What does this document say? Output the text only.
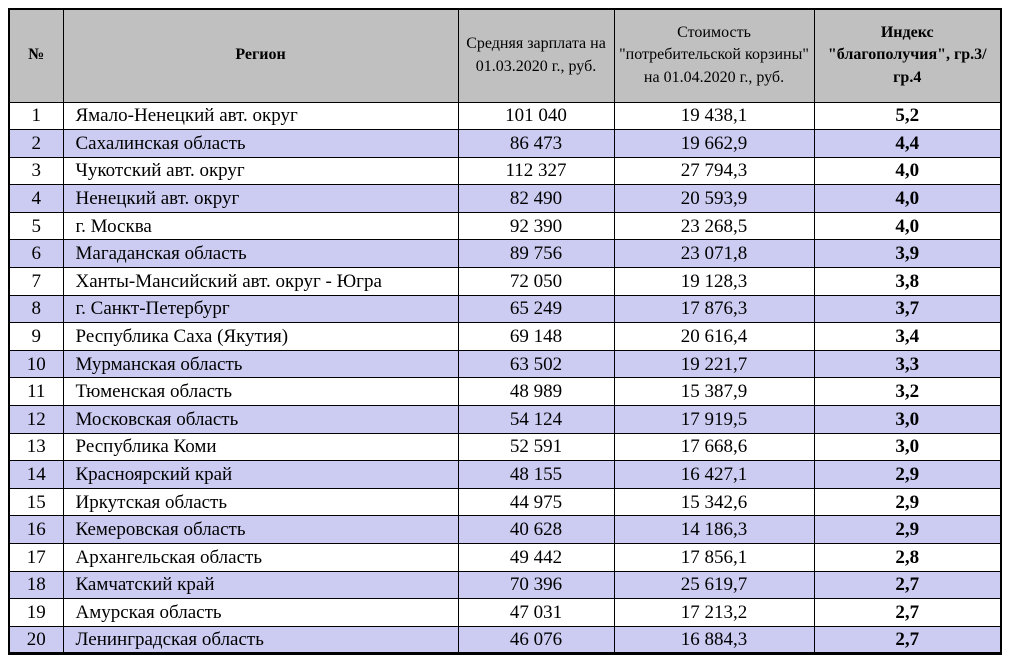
№	Регион	Средняя зарплата на 01.03.2020 г., руб.	Стоимость "потребительской корзины" на 01.04.2020 г., руб.	Индекс "благополучия", гр.3/гр.4
1	Ямало-Ненецкий авт. округ	101 040	19 438,1	5,2
2	Сахалинская область	86 473	19 662,9	4,4
3	Чукотский авт. округ	112 327	27 794,3	4,0
4	Ненецкий авт. округ	82 490	20 593,9	4,0
5	г. Москва	92 390	23 268,5	4,0
6	Магаданская область	89 756	23 071,8	3,9
7	Ханты-Мансийский авт. округ - Югра	72 050	19 128,3	3,8
8	г. Санкт-Петербург	65 249	17 876,3	3,7
9	Республика Саха (Якутия)	69 148	20 616,4	3,4
10	Мурманская область	63 502	19 221,7	3,3
11	Тюменская область	48 989	15 387,9	3,2
12	Московская область	54 124	17 919,5	3,0
13	Республика Коми	52 591	17 668,6	3,0
14	Красноярский край	48 155	16 427,1	2,9
15	Иркутская область	44 975	15 342,6	2,9
16	Кемеровская область	40 628	14 186,3	2,9
17	Архангельская область	49 442	17 856,1	2,8
18	Камчатский край	70 396	25 619,7	2,7
19	Амурская область	47 031	17 213,2	2,7
20	Ленинградская область	46 076	16 884,3	2,7
